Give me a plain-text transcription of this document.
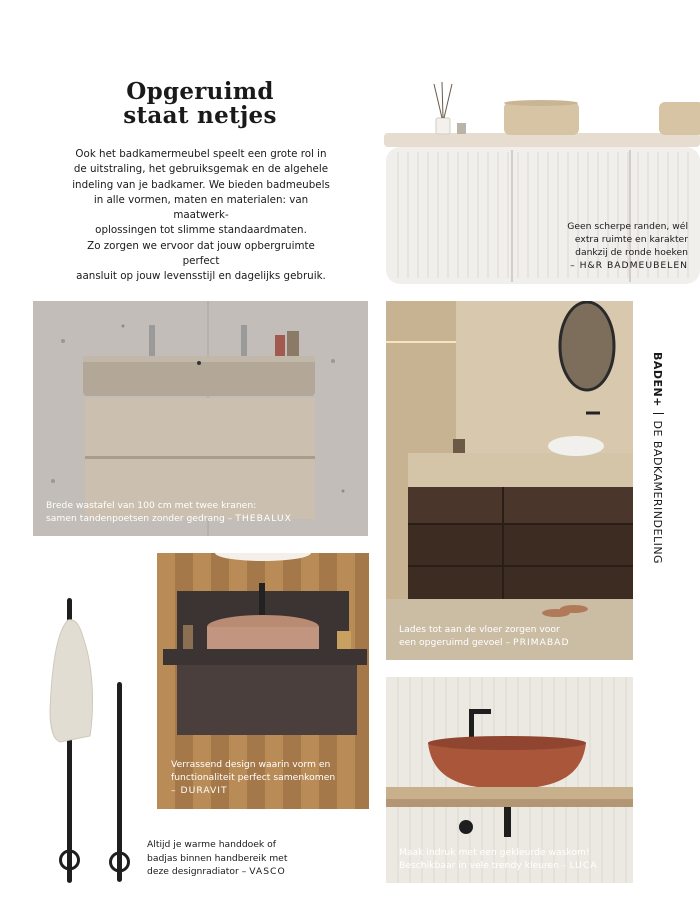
Opgeruimd
staat netjes
Ook het badkamermeubel speelt een grote rol in
de uitstraling, het gebruiksgemak en de algehele
indeling van je badkamer. We bieden badmeubels
in alle vormen, maten en materialen: van maatwerk-
oplossingen tot slimme standaardmaten.
Zo zorgen we ervoor dat jouw opbergruimte perfect
aansluit op jouw levensstijl en dagelijks gebruik.
Geen scherpe randen, wél
extra ruimte en karakter
dankzij de ronde hoeken
– H&R BADMEUBELEN
Brede wastafel van 100 cm met twee kranen:
samen tandenpoetsen zonder gedrang – THEBALUX
Lades tot aan de vloer zorgen voor
een opgeruimd gevoel – PRIMABAD
BADEN+DE BADKAMERINDELING
Verrassend design waarin vorm en
functionaliteit perfect samenkomen
– DURAVIT
Altijd je warme handdoek of
badjas binnen handbereik met
deze designradiator – VASCO
Maak indruk met een gekleurde waskom!
Beschikbaar in vele trendy kleuren – LUCA
